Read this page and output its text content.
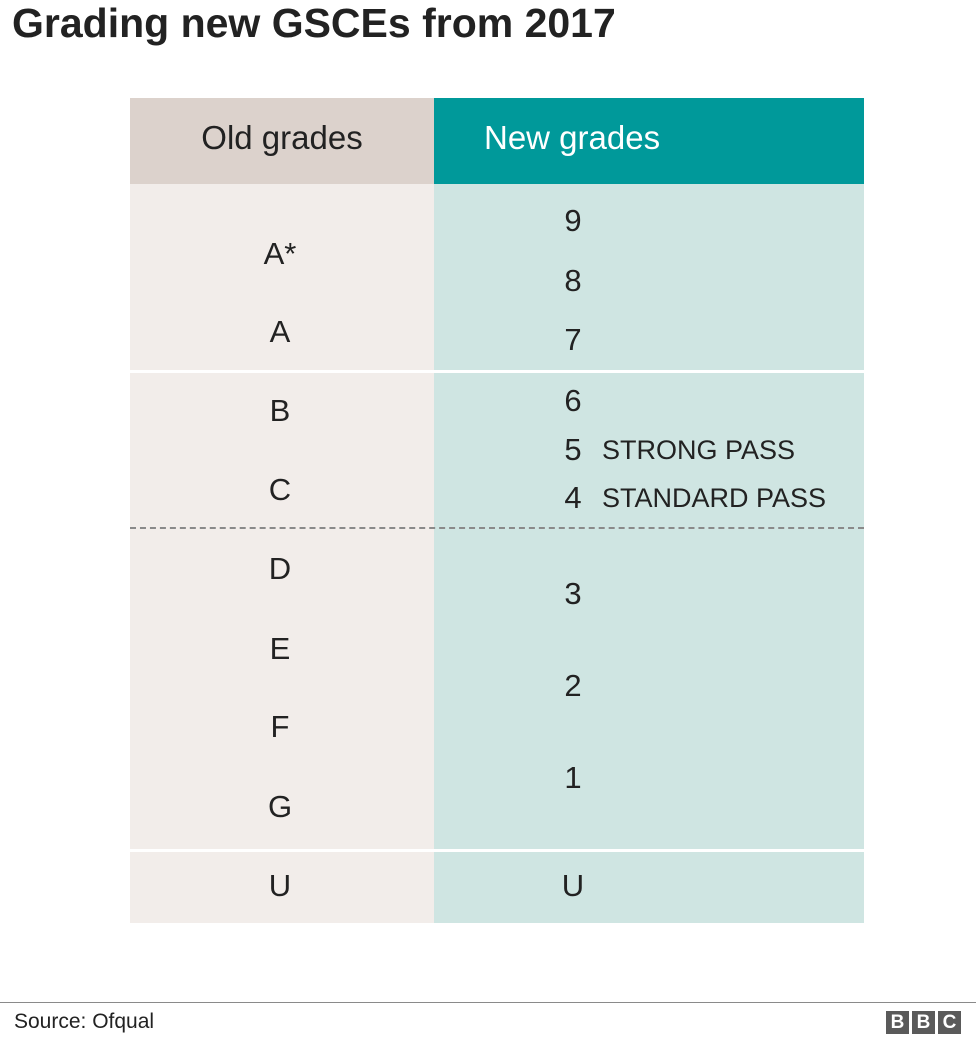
Grading new GSCEs from 2017
Old grades	New grades
A*
A
B
C
D
E
F
G
U
9
8
7
6
5
4
3
2
1
U
STRONG PASS
STANDARD PASS
Source: Ofqual	B B C
